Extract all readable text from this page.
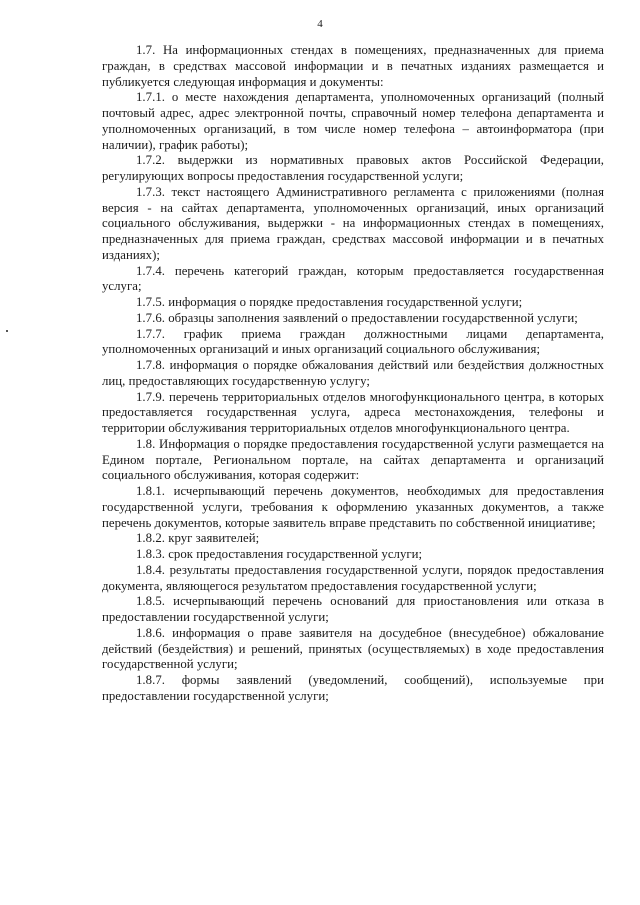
4

1.7. На информационных стендах в помещениях, предназначенных для приема граждан, в средствах массовой информации и в печатных изданиях размещается и публикуется следующая информация и документы:

1.7.1. о месте нахождения департамента, уполномоченных организаций (полный почтовый адрес, адрес электронной почты, справочный номер телефона департамента и уполномоченных организаций, в том числе номер телефона – автоинформатора (при наличии), график работы);

1.7.2. выдержки из нормативных правовых актов Российской Федерации, регулирующих вопросы предоставления государственной услуги;

1.7.3. текст настоящего Административного регламента с приложениями (полная версия - на сайтах департамента, уполномоченных организаций, иных организаций социального обслуживания, выдержки - на информационных стендах в помещениях, предназначенных для приема граждан, средствах массовой информации и в печатных изданиях);

1.7.4. перечень категорий граждан, которым предоставляется государственная услуга;

1.7.5. информация о порядке предоставления государственной услуги;

1.7.6. образцы заполнения заявлений о предоставлении государственной услуги;

1.7.7. график приема граждан должностными лицами департамента, уполномоченных организаций и иных организаций социального обслуживания;

1.7.8. информация о порядке обжалования действий или бездействия должностных лиц, предоставляющих государственную услугу;

1.7.9. перечень территориальных отделов многофункционального центра, в которых предоставляется государственная услуга, адреса местонахождения, телефоны и территории обслуживания территориальных отделов многофункционального центра.

1.8. Информация о порядке предоставления государственной услуги размещается на Едином портале, Региональном портале, на сайтах департамента и организаций социального обслуживания, которая содержит:

1.8.1. исчерпывающий перечень документов, необходимых для предоставления государственной услуги, требования к оформлению указанных документов, а также перечень документов, которые заявитель вправе представить по собственной инициативе;

1.8.2. круг заявителей;

1.8.3. срок предоставления государственной услуги;

1.8.4. результаты предоставления государственной услуги, порядок предоставления документа, являющегося результатом предоставления государственной услуги;

1.8.5. исчерпывающий перечень оснований для приостановления или отказа в предоставлении государственной услуги;

1.8.6. информация о праве заявителя на досудебное (внесудебное) обжалование действий (бездействия) и решений, принятых (осуществляемых) в ходе предоставления государственной услуги;

1.8.7. формы заявлений (уведомлений, сообщений), используемые при предоставлении государственной услуги;
